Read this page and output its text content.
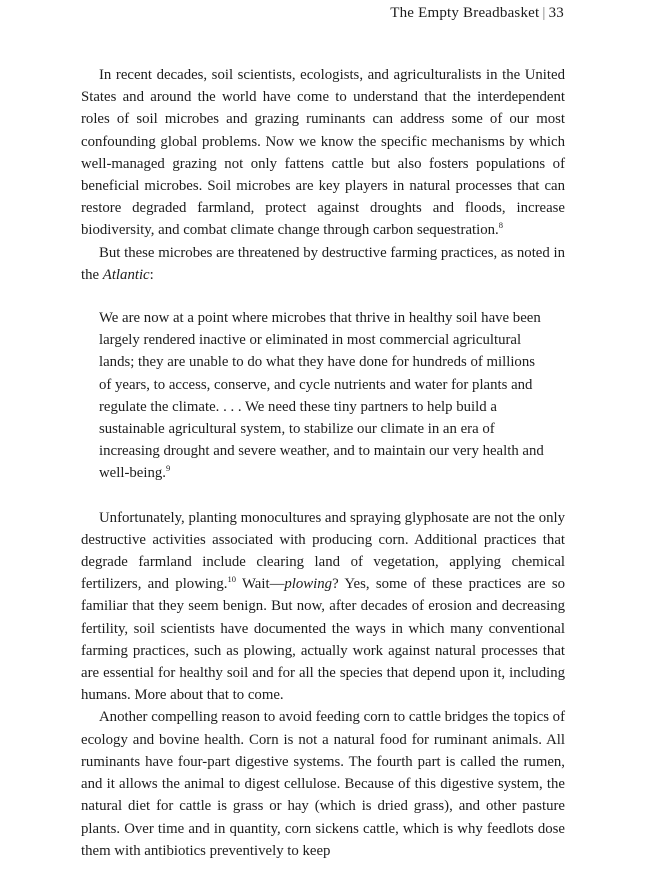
The Empty Breadbasket | 33

In recent decades, soil scientists, ecologists, and agriculturalists in the United States and around the world have come to understand that the interdependent roles of soil microbes and grazing ruminants can address some of our most confounding global problems. Now we know the specific mechanisms by which well-managed grazing not only fattens cattle but also fosters populations of beneficial microbes. Soil microbes are key players in natural processes that can restore degraded farmland, protect against droughts and floods, increase biodiversity, and combat climate change through carbon sequestration.$^8$

But these microbes are threatened by destructive farming practices, as noted in the Atlantic:

We are now at a point where microbes that thrive in healthy soil have been largely rendered inactive or eliminated in most commercial agricultural lands; they are unable to do what they have done for hundreds of millions of years, to access, conserve, and cycle nutrients and water for plants and regulate the climate. . . . We need these tiny partners to help build a sustainable agricultural system, to stabilize our climate in an era of increasing drought and severe weather, and to maintain our very health and well-being.$^9$

Unfortunately, planting monocultures and spraying glyphosate are not the only destructive activities associated with producing corn. Additional practices that degrade farmland include clearing land of vegetation, applying chemical fertilizers, and plowing.$^{10}$ Wait—plowing? Yes, some of these practices are so familiar that they seem benign. But now, after decades of erosion and decreasing fertility, soil scientists have documented the ways in which many conventional farming practices, such as plowing, actually work against natural processes that are essential for healthy soil and for all the species that depend upon it, including humans. More about that to come.

Another compelling reason to avoid feeding corn to cattle bridges the topics of ecology and bovine health. Corn is not a natural food for ruminant animals. All ruminants have four-part digestive systems. The fourth part is called the rumen, and it allows the animal to digest cellulose. Because of this digestive system, the natural diet for cattle is grass or hay (which is dried grass), and other pasture plants. Over time and in quantity, corn sickens cattle, which is why feedlots dose them with antibiotics preventively to keep
